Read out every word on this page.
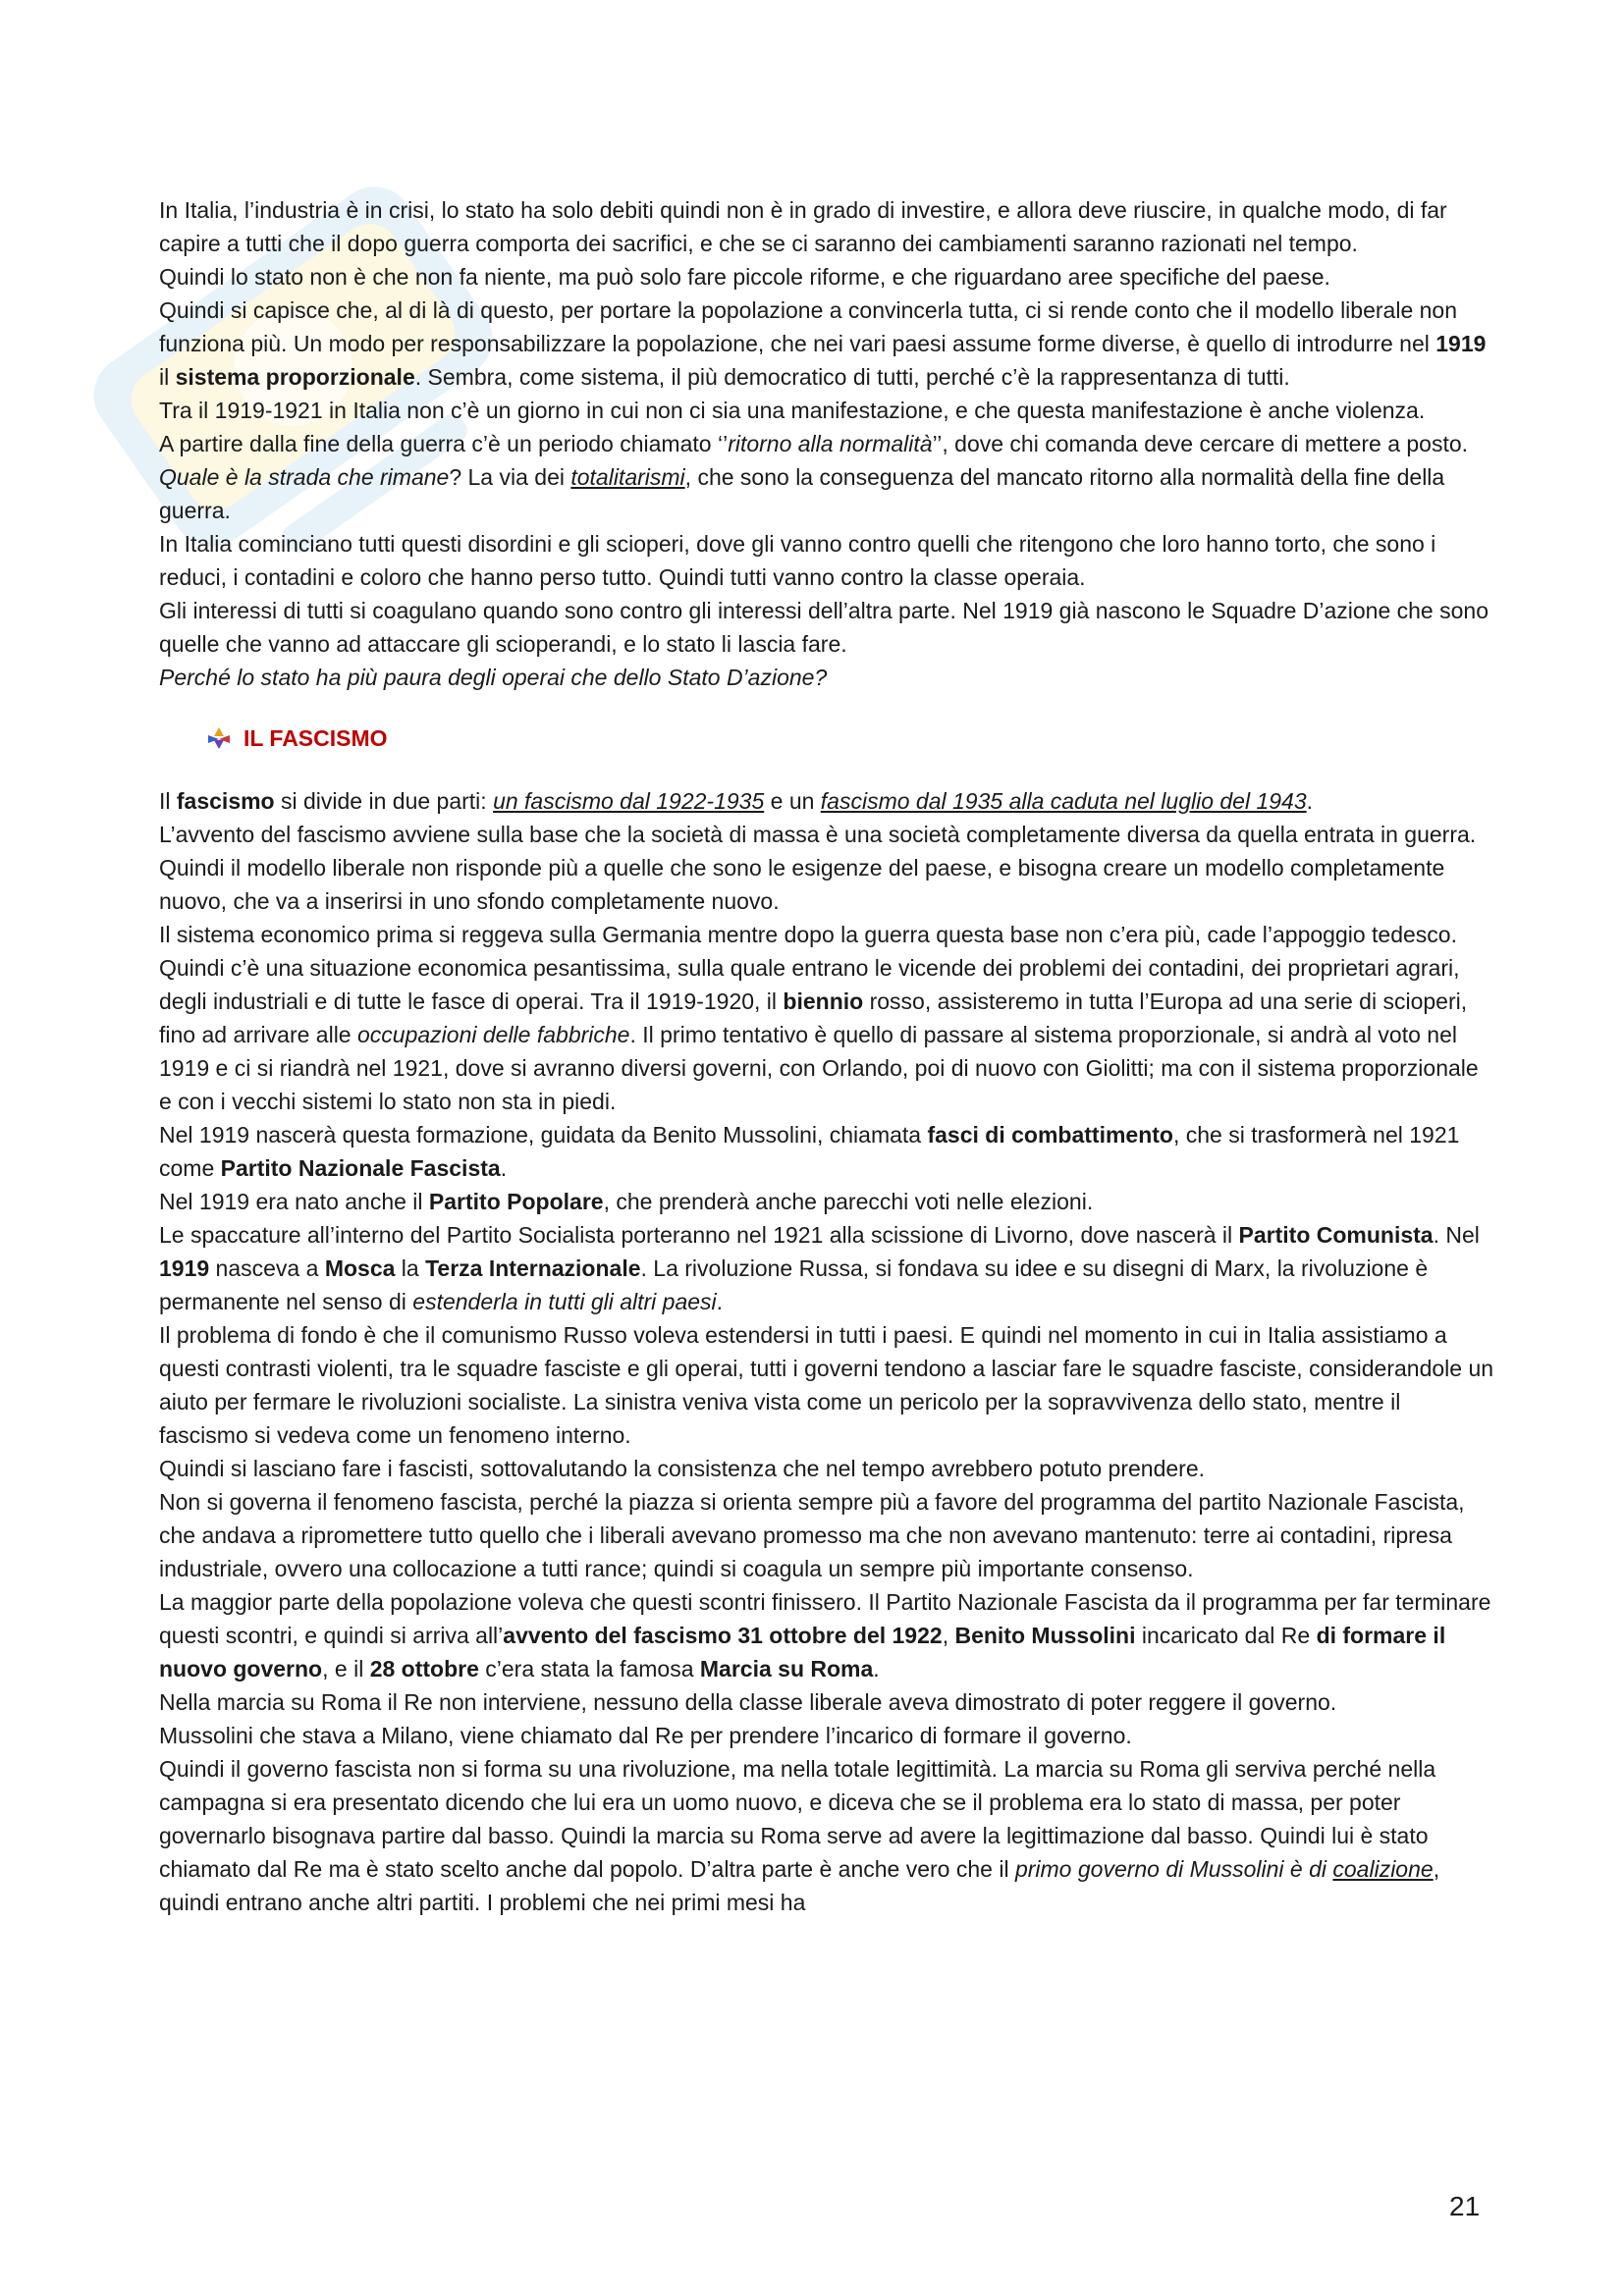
In Italia, l’industria è in crisi, lo stato ha solo debiti quindi non è in grado di investire, e allora deve riuscire, in qualche modo, di far capire a tutti che il dopo guerra comporta dei sacrifici, e che se ci saranno dei cambiamenti saranno razionati nel tempo.

Quindi lo stato non è che non fa niente, ma può solo fare piccole riforme, e che riguardano aree specifiche del paese.

Quindi si capisce che, al di là di questo, per portare la popolazione a convincerla tutta, ci si rende conto che il modello liberale non funziona più. Un modo per responsabilizzare la popolazione, che nei vari paesi assume forme diverse, è quello di introdurre nel 1919 il sistema proporzionale. Sembra, come sistema, il più democratico di tutti, perché c’è la rappresentanza di tutti.

Tra il 1919-1921 in Italia non c’è un giorno in cui non ci sia una manifestazione, e che questa manifestazione è anche violenza.

A partire dalla fine della guerra c’è un periodo chiamato ‘’ritorno alla normalità’’, dove chi comanda deve cercare di mettere a posto.

Quale è la strada che rimane? La via dei totalitarismi, che sono la conseguenza del mancato ritorno alla normalità della fine della guerra.

In Italia cominciano tutti questi disordini e gli scioperi, dove gli vanno contro quelli che ritengono che loro hanno torto, che sono i reduci, i contadini e coloro che hanno perso tutto. Quindi tutti vanno contro la classe operaia.

Gli interessi di tutti si coagulano quando sono contro gli interessi dell’altra parte. Nel 1919 già nascono le Squadre D’azione che sono quelle che vanno ad attaccare gli scioperandi, e lo stato li lascia fare.

Perché lo stato ha più paura degli operai che dello Stato D’azione?

IL FASCISMO

Il fascismo si divide in due parti: un fascismo dal 1922-1935 e un fascismo dal 1935 alla caduta nel luglio del 1943.

L’avvento del fascismo avviene sulla base che la società di massa è una società completamente diversa da quella entrata in guerra. Quindi il modello liberale non risponde più a quelle che sono le esigenze del paese, e bisogna creare un modello completamente nuovo, che va a inserirsi in uno sfondo completamente nuovo.

Il sistema economico prima si reggeva sulla Germania mentre dopo la guerra questa base non c’era più, cade l’appoggio tedesco. Quindi c’è una situazione economica pesantissima, sulla quale entrano le vicende dei problemi dei contadini, dei proprietari agrari, degli industriali e di tutte le fasce di operai. Tra il 1919-1920, il biennio rosso, assisteremo in tutta l’Europa ad una serie di scioperi, fino ad arrivare alle occupazioni delle fabbriche. Il primo tentativo è quello di passare al sistema proporzionale, si andrà al voto nel 1919 e ci si riandrà nel 1921, dove si avranno diversi governi, con Orlando, poi di nuovo con Giolitti; ma con il sistema proporzionale e con i vecchi sistemi lo stato non sta in piedi.

Nel 1919 nascerà questa formazione, guidata da Benito Mussolini, chiamata fasci di combattimento, che si trasformerà nel 1921 come Partito Nazionale Fascista.

Nel 1919 era nato anche il Partito Popolare, che prenderà anche parecchi voti nelle elezioni.

Le spaccature all’interno del Partito Socialista porteranno nel 1921 alla scissione di Livorno, dove nascerà il Partito Comunista. Nel 1919 nasceva a Mosca la Terza Internazionale. La rivoluzione Russa, si fondava su idee e su disegni di Marx, la rivoluzione è permanente nel senso di estenderla in tutti gli altri paesi.

Il problema di fondo è che il comunismo Russo voleva estendersi in tutti i paesi. E quindi nel momento in cui in Italia assistiamo a questi contrasti violenti, tra le squadre fasciste e gli operai, tutti i governi tendono a lasciar fare le squadre fasciste, considerandole un aiuto per fermare le rivoluzioni socialiste. La sinistra veniva vista come un pericolo per la sopravvivenza dello stato, mentre il fascismo si vedeva come un fenomeno interno.

Quindi si lasciano fare i fascisti, sottovalutando la consistenza che nel tempo avrebbero potuto prendere.

Non si governa il fenomeno fascista, perché la piazza si orienta sempre più a favore del programma del partito Nazionale Fascista, che andava a ripromettere tutto quello che i liberali avevano promesso ma che non avevano mantenuto: terre ai contadini, ripresa industriale, ovvero una collocazione a tutti rance; quindi si coagula un sempre più importante consenso.

La maggior parte della popolazione voleva che questi scontri finissero. Il Partito Nazionale Fascista da il programma per far terminare questi scontri, e quindi si arriva all’avvento del fascismo 31 ottobre del 1922, Benito Mussolini incaricato dal Re di formare il nuovo governo, e il 28 ottobre c’era stata la famosa Marcia su Roma.

Nella marcia su Roma il Re non interviene, nessuno della classe liberale aveva dimostrato di poter reggere il governo.

Mussolini che stava a Milano, viene chiamato dal Re per prendere l’incarico di formare il governo.

Quindi il governo fascista non si forma su una rivoluzione, ma nella totale legittimità. La marcia su Roma gli serviva perché nella campagna si era presentato dicendo che lui era un uomo nuovo, e diceva che se il problema era lo stato di massa, per poter governarlo bisognava partire dal basso. Quindi la marcia su Roma serve ad avere la legittimazione dal basso. Quindi lui è stato chiamato dal Re ma è stato scelto anche dal popolo. D’altra parte è anche vero che il primo governo di Mussolini è di coalizione, quindi entrano anche altri partiti. I problemi che nei primi mesi ha

21
